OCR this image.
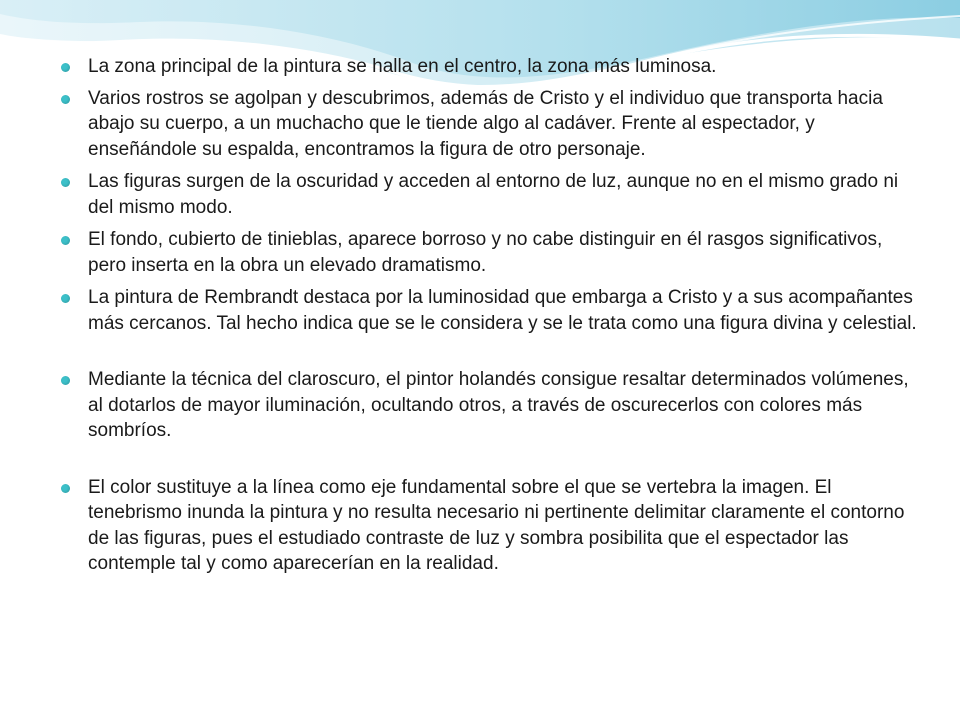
La zona principal de la pintura se halla en el centro, la zona más luminosa.
Varios rostros se agolpan y descubrimos, además de Cristo y el individuo que transporta hacia abajo su cuerpo, a un muchacho que le tiende algo al cadáver. Frente al espectador, y enseñándole su espalda, encontramos la figura de otro personaje.
Las figuras surgen de la oscuridad y acceden al entorno de luz, aunque no en el mismo grado ni del mismo modo.
El fondo, cubierto de tinieblas, aparece borroso y no cabe distinguir en él rasgos significativos, pero inserta en la obra un elevado dramatismo.
La pintura de Rembrandt destaca por la luminosidad que embarga a Cristo y a sus acompañantes más cercanos. Tal hecho indica que se le considera y se le trata como una figura divina y celestial.
Mediante la técnica del claroscuro, el pintor holandés consigue resaltar determinados volúmenes, al dotarlos de mayor iluminación, ocultando otros, a través de oscurecerlos con colores más sombríos.
El color sustituye a la línea como eje fundamental sobre el que se vertebra la imagen. El tenebrismo inunda la pintura y no resulta necesario ni pertinente delimitar claramente el contorno de las figuras, pues el estudiado contraste de luz y sombra posibilita que el espectador las contemple tal y como aparecerían en la realidad.
